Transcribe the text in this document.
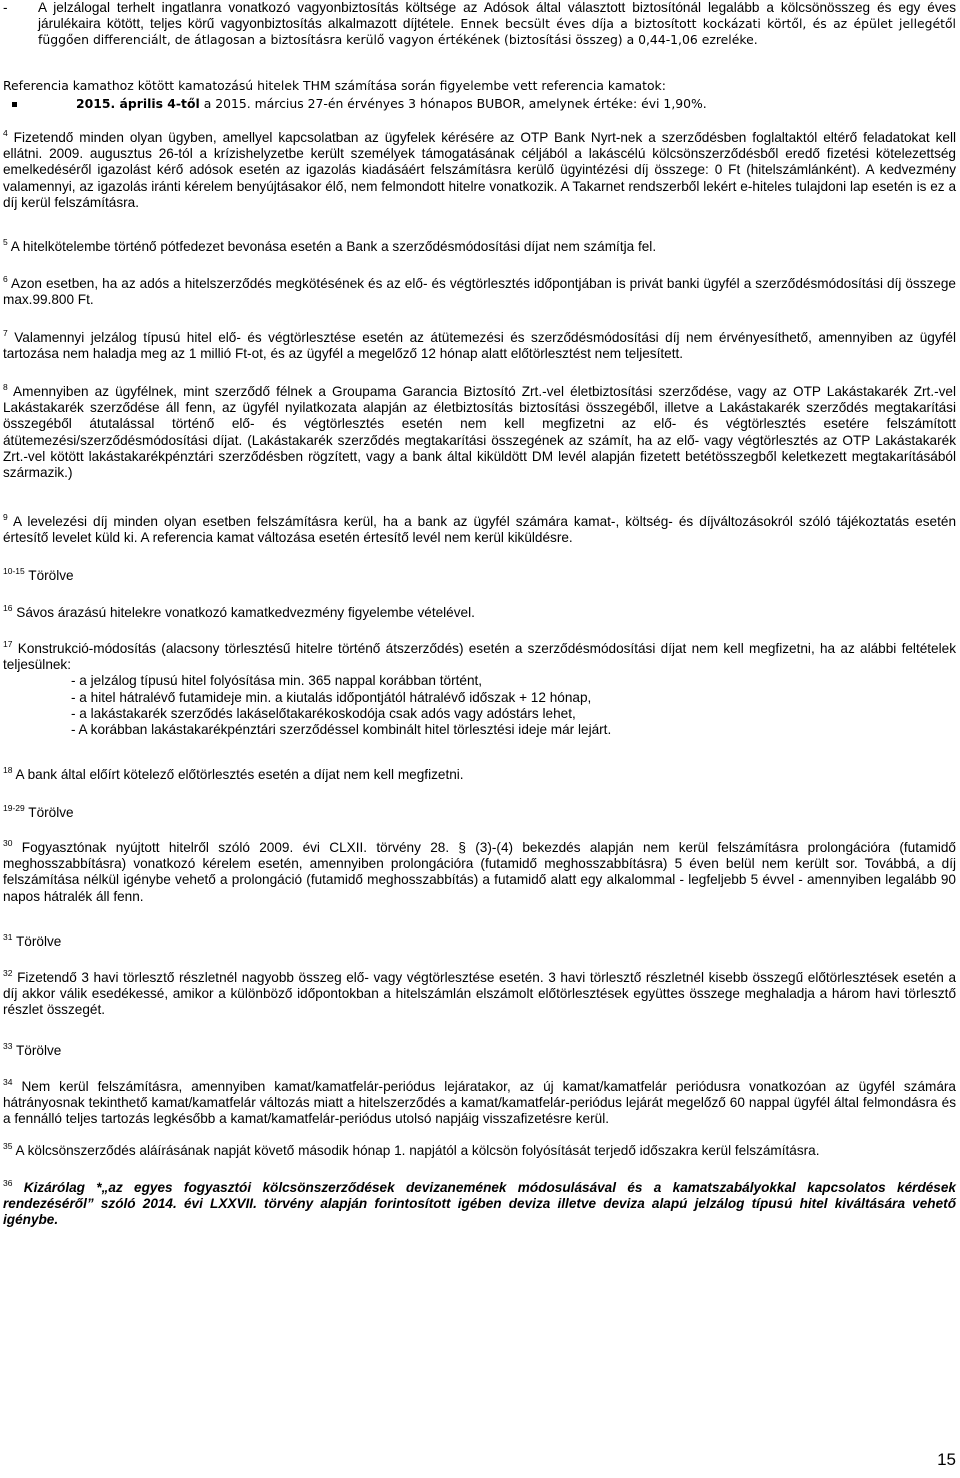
- A jelzálogal terhelt ingatlanra vonatkozó vagyonbiztosítás költsége az Adósok által választott biztosítónál legalább a kölcsönösszeg és egy éves járulékaira kötött, teljes körű vagyonbiztosítás alkalmazott díjtétele. Ennek becsült éves díja a biztosított kockázati körtől, és az épület jellegétől függően differenciált, de átlagosan a biztosításra kerülő vagyon értékének (biztosítási összeg) a 0,44-1,06 ezreléke.
Referencia kamathoz kötött kamatozású hitelek THM számítása során figyelembe vett referencia kamatok:
2015. április 4-től a 2015. március 27-én érvényes 3 hónapos BUBOR, amelynek értéke: évi 1,90%.
$^4$ Fizetendő minden olyan ügyben, amellyel kapcsolatban az ügyfelek kérésére az OTP Bank Nyrt-nek a szerződésben foglaltaktól eltérő feladatokat kell ellátni. 2009. augusztus 26-tól a krízishelyzetbe került személyek támogatásának céljából a lakáscélú kölcsönszerződésből eredő fizetési kötelezettség emelkedéséről igazolást kérő adósok esetén az igazolás kiadásáért felszámításra kerülő ügyintézési díj összege: 0 Ft (hitelszámlánként). A kedvezmény valamennyi, az igazolás iránti kérelem benyújtásakor élő, nem felmondott hitelre vonatkozik. A Takarnet rendszerből lekért e-hiteles tulajdoni lap esetén is ez a díj kerül felszámításra.
$^5$ A hitelkötelembe történő pótfedezet bevonása esetén a Bank a szerződésmódosítási díjat nem számítja fel.
$^6$ Azon esetben, ha az adós a hitelszerződés megkötésének és az elő- és végtörlesztés időpontjában is privát banki ügyfél a szerződésmódosítási díj összege max.99.800 Ft.
$^7$ Valamennyi jelzálog típusú hitel elő- és végtörlesztése esetén az átütemezési és szerződésmódosítási díj nem érvényesíthető, amennyiben az ügyfél tartozása nem haladja meg az 1 millió Ft-ot, és az ügyfél a megelőző 12 hónap alatt előtörlesztést nem teljesített.
$^8$ Amennyiben az ügyfélnek, mint szerződő félnek a Groupama Garancia Biztosító Zrt.-vel életbiztosítási szerződése, vagy az OTP Lakástakarék Zrt.-vel Lakástakarék szerződése áll fenn, az ügyfél nyilatkozata alapján az életbiztosítás biztosítási összegéből, illetve a Lakástakarék szerződés megtakarítási összegéből átutalással történő elő- és végtörlesztés esetén nem kell megfizetni az elő- és végtörlesztés esetére felszámított átütemezési/szerződésmódosítási díjat. (Lakástakarék szerződés megtakarítási összegének az számít, ha az elő- vagy végtörlesztés az OTP Lakástakarék Zrt.-vel kötött lakástakarékpénztári szerződésben rögzített, vagy a bank által kiküldött DM levél alapján fizetett betétösszegből keletkezett megtakarításából származik.)
$^9$ A levelezési díj minden olyan esetben felszámításra kerül, ha a bank az ügyfél számára kamat-, költség- és díjváltozásokról szóló tájékoztatás esetén értesítő levelet küld ki. A referencia kamat változása esetén értesítő levél nem kerül kiküldésre.
$^{10-15}$ Törölve
$^{16}$ Sávos árazású hitelekre vonatkozó kamatkedvezmény figyelembe vételével.
$^{17}$ Konstrukció-módosítás (alacsony törlesztésű hitelre történő átszerződés) esetén a szerződésmódosítási díjat nem kell megfizetni, ha az alábbi feltételek teljesülnek:
- a jelzálog típusú hitel folyósítása min. 365 nappal korábban történt,
- a hitel hátralévő futamideje min. a kiutalás időpontjától hátralévő időszak + 12 hónap,
- a lakástakarék szerződés lakáselőtakarékoskodója csak adós vagy adóstárs lehet,
- A korábban lakástakarékpénztári szerződéssel kombinált hitel törlesztési ideje már lejárt.
$^{18}$ A bank által előírt kötelező előtörlesztés esetén a díjat nem kell megfizetni.
$^{19-29}$ Törölve
$^{30}$ Fogyasztónak nyújtott hitelről szóló 2009. évi CLXII. törvény 28. § (3)-(4) bekezdés alapján nem kerül felszámításra prolongációra (futamidő meghosszabbításra) vonatkozó kérelem esetén, amennyiben prolongációra (futamidő meghosszabbításra) 5 éven belül nem került sor. Továbbá, a díj felszámítása nélkül igénybe vehető a prolongáció (futamidő meghosszabbítás) a futamidő alatt egy alkalommal - legfeljebb 5 évvel - amennyiben legalább 90 napos hátralék áll fenn.
$^{31}$ Törölve
$^{32}$ Fizetendő 3 havi törlesztő részletnél nagyobb összeg elő- vagy végtörlesztése esetén. 3 havi törlesztő részletnél kisebb összegű előtörlesztések esetén a díj akkor válik esedékessé, amikor a különböző időpontokban a hitelszámlán elszámolt előtörlesztések együttes összege meghaladja a három havi törlesztő részlet összegét.
$^{33}$ Törölve
$^{34}$ Nem kerül felszámításra, amennyiben kamat/kamatfelár-periódus lejáratakor, az új kamat/kamatfelár periódusra vonatkozóan az ügyfél számára hátrányosnak tekinthető kamat/kamatfelár változás miatt a hitelszerződés a kamat/kamatfelár-periódus lejárát megelőző 60 nappal ügyfél által felmondásra és a fennálló teljes tartozás legkésőbb a kamat/kamatfelár-periódus utolsó napjáig visszafizetésre kerül.
$^{35}$ A kölcsönszerződés aláírásának napját követő második hónap 1. napjától a kölcsön folyósítását terjedő időszakra kerül felszámításra.
$^{36}$ Kizárólag *„az egyes fogyasztói kölcsönszerződések devizanemének módosulásával és a kamatszabályokkal kapcsolatos kérdések rendezéséről” szóló 2014. évi LXXVII. törvény alapján forintosított igében deviza illetve deviza alapú jelzálog típusú hitel kiváltására vehető igénybe.
15
